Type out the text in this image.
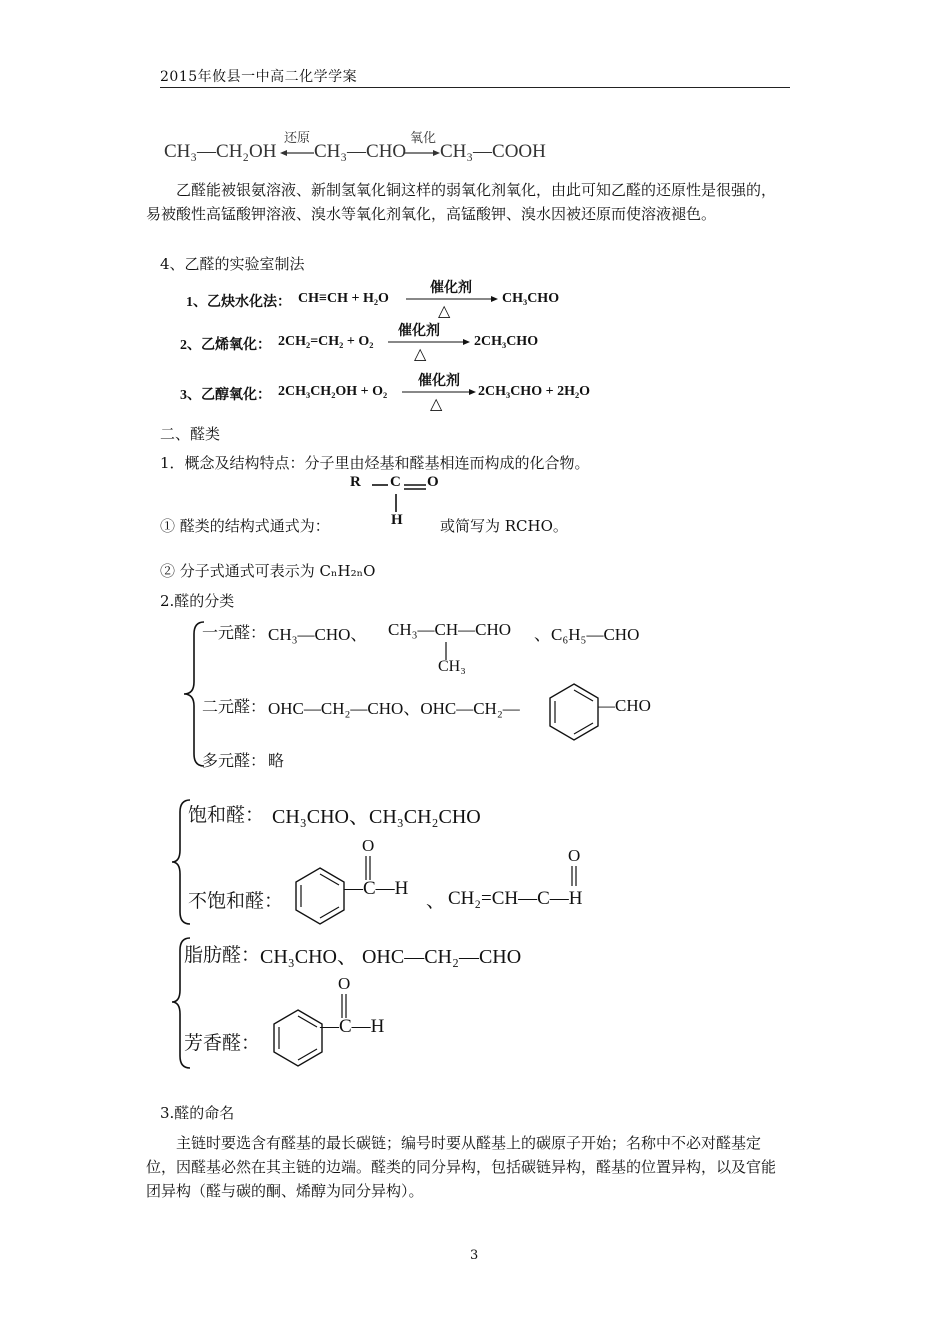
2015年攸县一中高二化学学案
CH₃—CH₂OH
还原
CH₃—CHO
氧化
CH₃—COOH
乙醛能被银氨溶液、新制氢氧化铜这样的弱氧化剂氧化，由此可知乙醛的还原性是很强的，易被酸性高锰酸钾溶液、溴水等氧化剂氧化，高锰酸钾、溴水因被还原而使溶液褪色。
4、乙醛的实验室制法
1、乙炔水化法： CH≡CH + H₂O
催化剂
△
CH₃CHO
2、乙烯氧化： 2CH₂=CH₂ + O₂
催化剂
△
2CH₃CHO
3、乙醇氧化： 2CH₃CH₂OH + O₂
催化剂
△
2CH₃CHO + 2H₂O
二、醛类
1．概念及结构特点：分子里由烃基和醛基相连而构成的化合物。
R C O
H
① 醛类的结构式通式为：	或简写为 RCHO。
② 分子式通式可表示为 CₙH₂ₙO
2.醛的分类
一元醛： CH₃—CHO、 CH₃—CH—CHO
CH₃
、C₆H₅—CHO
二元醛： OHC—CH₂—CHO、OHC—CH₂—	—CHO
多元醛： 略
饱和醛： CH₃CHO、CH₃CH₂CHO
不饱和醛：
O
—C—H
、
O
CH₂=CH—C—H
脂肪醛： CH₃CHO、 OHC—CH₂—CHO
芳香醛：
O
—C—H
3.醛的命名
主链时要选含有醛基的最长碳链；编号时要从醛基上的碳原子开始；名称中不必对醛基定位，因醛基必然在其主链的边端。醛类的同分异构，包括碳链异构，醛基的位置异构，以及官能团异构（醛与碳的酮、烯醇为同分异构）。
3
